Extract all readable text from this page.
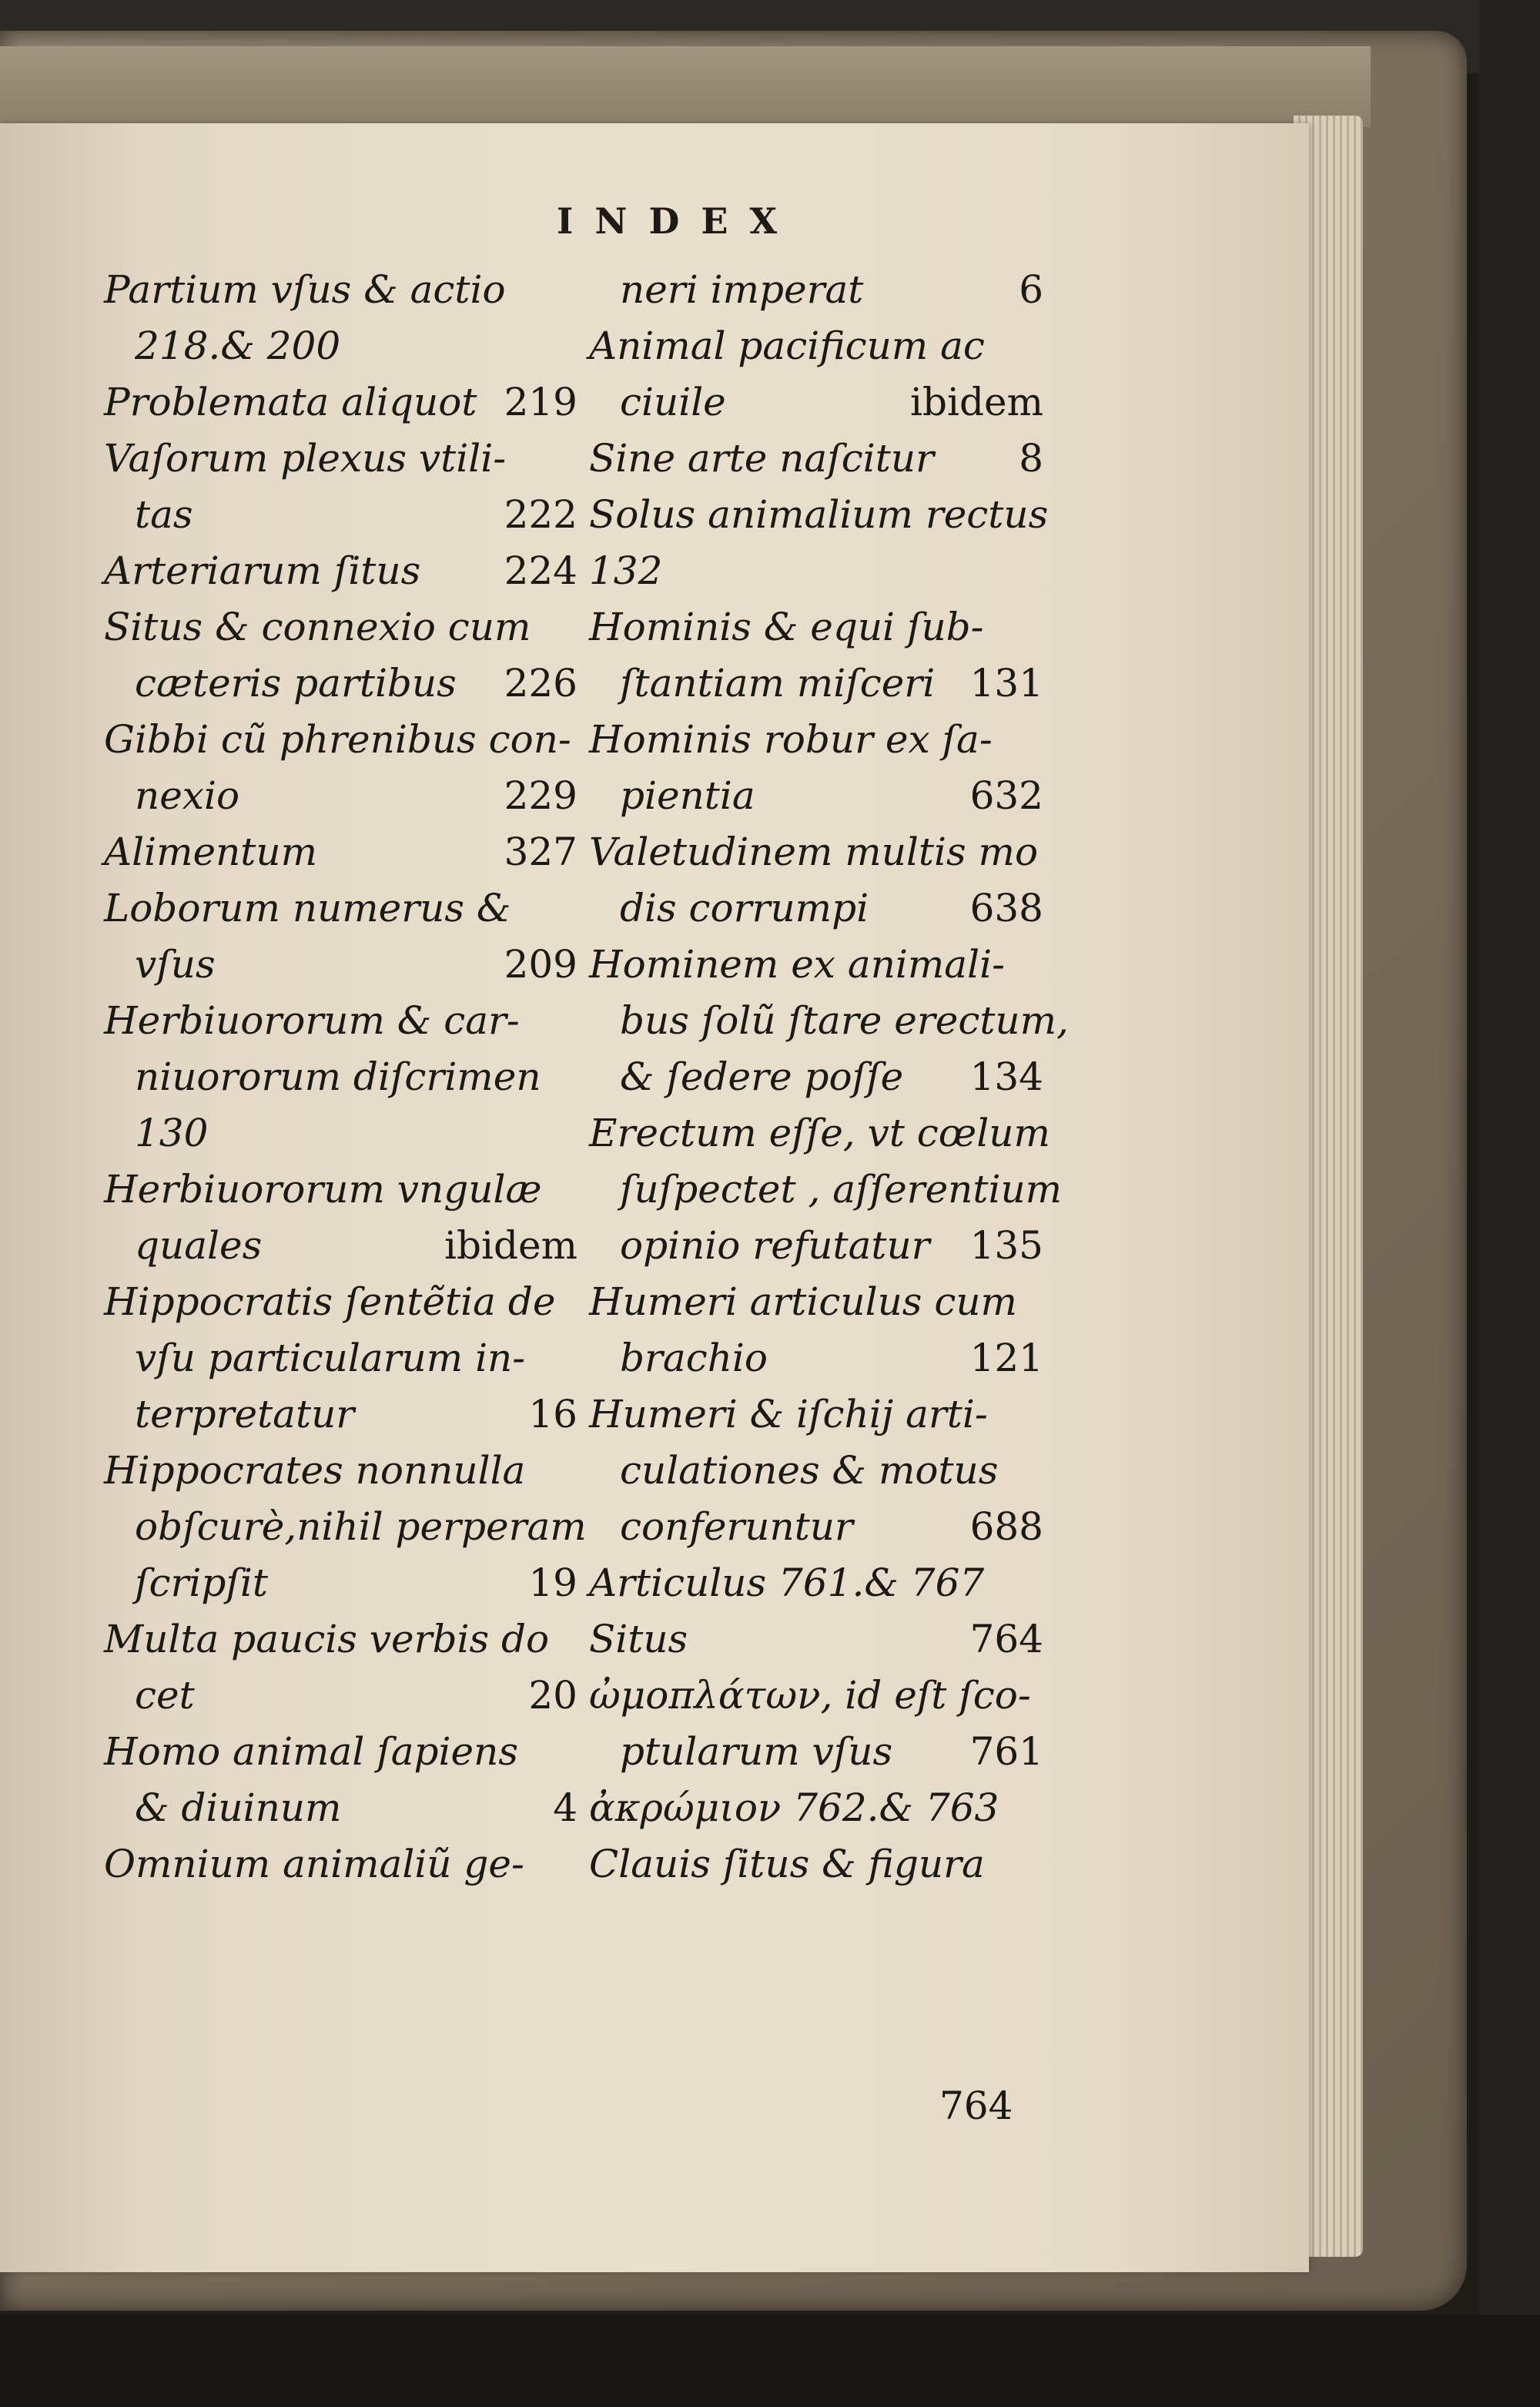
INDEX
Partium vſus & actio
218.& 200
Problemata aliquot 219
Vaſorum plexus vtili-
tas	222
Arteriarum ſitus 224
Situs & connexio cum
cæteris partibus 226
Gibbi cũ phrenibus con-
nexio	229
Alimentum	327
Loborum numerus &
vſus	209
Herbiuororum & car-
niuororum diſcrimen
130
Herbiuororum vngulæ
quales	ibidem
Hippocratis ſentẽtia de
vſu particularum in-
terpretatur	16
Hippocrates nonnulla
obſcurè,nihil perperam
ſcripſit	19
Multa paucis verbis do
cet	20
Homo animal ſapiens
& diuinum	4
Omnium animaliũ ge-
neri imperat	6
Animal pacificum ac
ciuile	ibidem
Sine arte naſcitur 8
Solus animalium rectus
132
Hominis & equi ſub-
ſtantiam miſceri 131
Hominis robur ex ſa-
pientia	632
Valetudinem multis mo
dis corrumpi	638
Hominem ex animali-
bus ſolũ ſtare erectum,
& ſedere poſſe 134
Erectum eſſe, vt cœlum
ſuſpectet , aſſerentium
opinio refutatur 135
Humeri articulus cum
brachio	121
Humeri & iſchij arti-
culationes & motus
conferuntur	688
Articulus 761.& 767
Situs	764
ὠμοπλάτων, id eſt ſco-
ptularum vſus 761
ἀκρώμιον 762.& 763
Clauis ſitus & figura
764
